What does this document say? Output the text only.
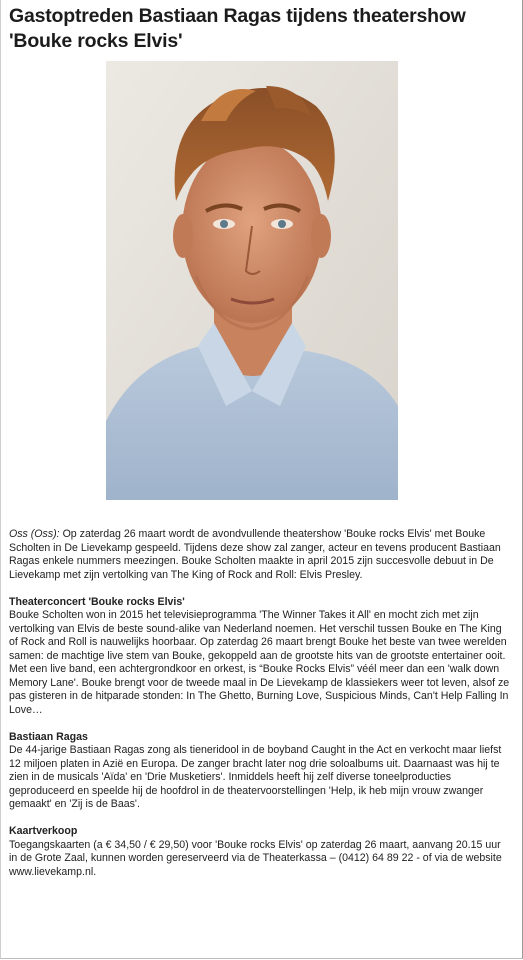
Gastoptreden Bastiaan Ragas tijdens theatershow 'Bouke rocks Elvis'

Oss (Oss): Op zaterdag 26 maart wordt de avondvullende theatershow 'Bouke rocks Elvis' met Bouke Scholten in De Lievekamp gespeeld. Tijdens deze show zal zanger, acteur en tevens producent Bastiaan Ragas enkele nummers meezingen. Bouke Scholten maakte in april 2015 zijn succesvolle debuut in De Lievekamp met zijn vertolking van The King of Rock and Roll: Elvis Presley.

Theaterconcert 'Bouke rocks Elvis'
Bouke Scholten won in 2015 het televisieprogramma 'The Winner Takes it All' en mocht zich met zijn vertolking van Elvis de beste sound-alike van Nederland noemen. Het verschil tussen Bouke en The King of Rock and Roll is nauwelijks hoorbaar. Op zaterdag 26 maart brengt Bouke het beste van twee werelden samen: de machtige live stem van Bouke, gekoppeld aan de grootste hits van de grootste entertainer ooit. Met een live band, een achtergrondkoor en orkest, is “Bouke Rocks Elvis” véél meer dan een 'walk down Memory Lane'. Bouke brengt voor de tweede maal in De Lievekamp de klassiekers weer tot leven, alsof ze pas gisteren in de hitparade stonden: In The Ghetto, Burning Love, Suspicious Minds, Can't Help Falling In Love…

Bastiaan Ragas
De 44-jarige Bastiaan Ragas zong als tieneridool in de boyband Caught in the Act en verkocht maar liefst 12 miljoen platen in Azië en Europa. De zanger bracht later nog drie soloalbums uit. Daarnaast was hij te zien in de musicals 'Aïda' en 'Drie Musketiers'. Inmiddels heeft hij zelf diverse toneelproducties geproduceerd en speelde hij de hoofdrol in de theatervoorstellingen 'Help, ik heb mijn vrouw zwanger gemaakt' en 'Zij is de Baas'.

Kaartverkoop
Toegangskaarten (a € 34,50 / € 29,50) voor 'Bouke rocks Elvis' op zaterdag 26 maart, aanvang 20.15 uur in de Grote Zaal, kunnen worden gereserveerd via de Theaterkassa – (0412) 64 89 22 - of via de website www.lievekamp.nl.
